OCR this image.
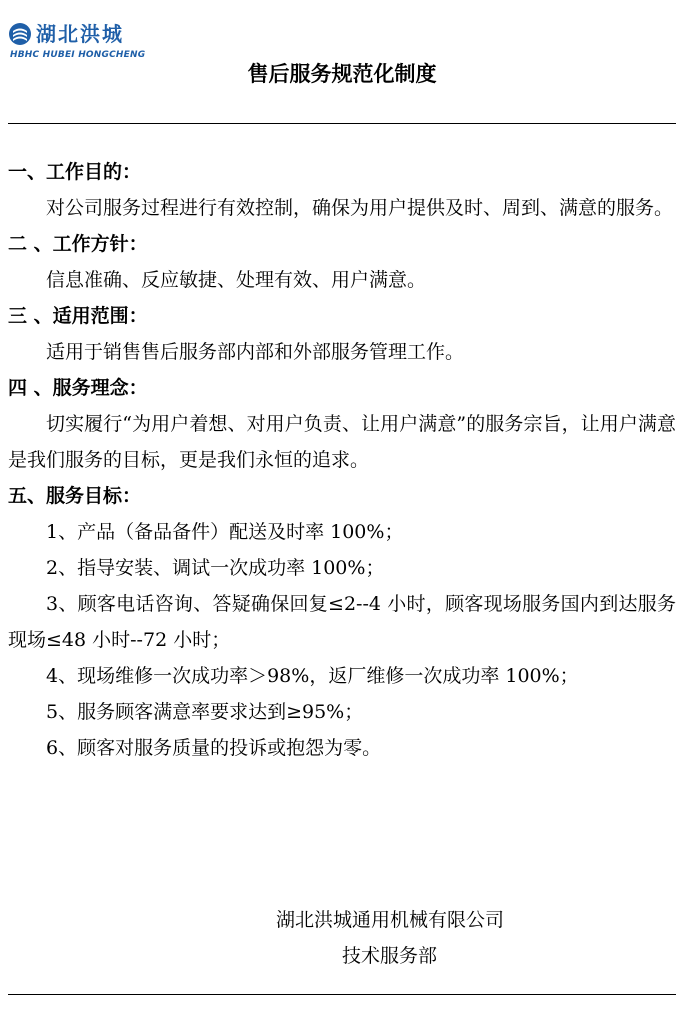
湖北洪城
HBHC HUBEI HONGCHENG
售后服务规范化制度

一、工作目的：

对公司服务过程进行有效控制，确保为用户提供及时、周到、满意的服务。

二 、工作方针：

信息准确、反应敏捷、处理有效、用户满意。

三 、适用范围：

适用于销售售后服务部内部和外部服务管理工作。

四 、服务理念：

切实履行“为用户着想、对用户负责、让用户满意”的服务宗旨，让用户满意是我们服务的目标，更是我们永恒的追求。

五、服务目标：

1、产品（备品备件）配送及时率 100%；

2、指导安装、调试一次成功率 100%；

3、顾客电话咨询、答疑确保回复≤2--4 小时，顾客现场服务国内到达服务现场≤48 小时--72 小时；

4、现场维修一次成功率＞98%，返厂维修一次成功率 100%；

5、服务顾客满意率要求达到≥95%；

6、顾客对服务质量的投诉或抱怨为零。

湖北洪城通用机械有限公司
技术服务部
